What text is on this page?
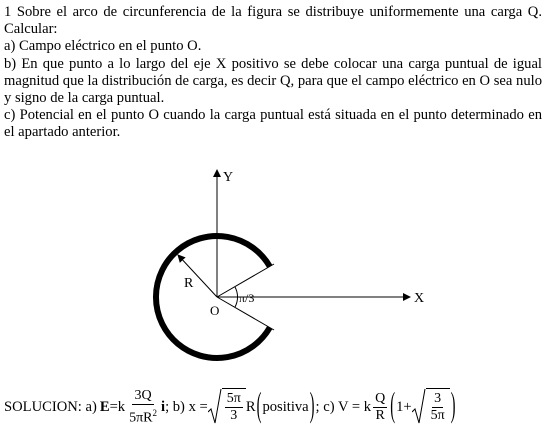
1 Sobre el arco de circunferencia de la figura se distribuye uniformemente una carga Q. Calcular:

a) Campo eléctrico en el punto O.

b) En que punto a lo largo del eje X positivo se debe colocar una carga puntual de igual magnitud que la distribución de carga, es decir Q, para que el campo eléctrico en O sea nulo y signo de la carga puntual.

c) Potencial en el punto O cuando la carga puntual está situada en el punto determinado en el apartado anterior.

Y
X
R
O
π/3
SOLUCION: a) E = k $\frac{3Q}{5\pi R^2}$ i ; b) $x = \frac{5\pi}{3}$ R ( positiva ) ; c) V = k $\frac{Q}{R}$ ( $1+ \frac{3}{5\pi}$ )
